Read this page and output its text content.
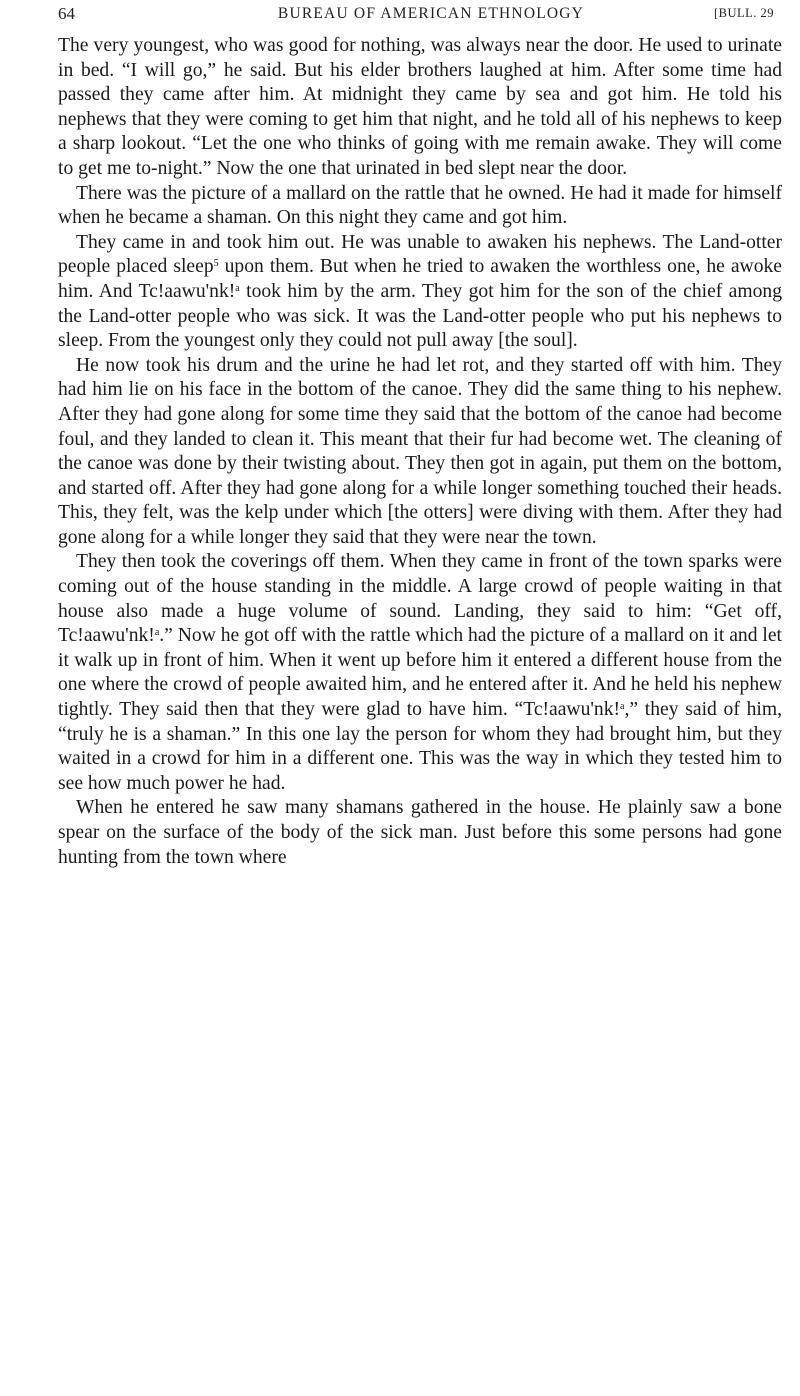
64	BUREAU OF AMERICAN ETHNOLOGY	[BULL. 29

The very youngest, who was good for nothing, was always near the door. He used to urinate in bed. “I will go,” he said. But his elder brothers laughed at him. After some time had passed they came after him. At midnight they came by sea and got him. He told his nephews that they were coming to get him that night, and he told all of his nephews to keep a sharp lookout. “Let the one who thinks of going with me remain awake. They will come to get me to-night.” Now the one that urinated in bed slept near the door.

There was the picture of a mallard on the rattle that he owned. He had it made for himself when he became a shaman. On this night they came and got him.

They came in and took him out. He was unable to awaken his nephews. The Land-otter people placed sleep$^5$ upon them. But when he tried to awaken the worthless one, he awoke him. And Tc!aawu'nk!$^a$ took him by the arm. They got him for the son of the chief among the Land-otter people who was sick. It was the Land-otter people who put his nephews to sleep. From the youngest only they could not pull away [the soul].

He now took his drum and the urine he had let rot, and they started off with him. They had him lie on his face in the bottom of the canoe. They did the same thing to his nephew. After they had gone along for some time they said that the bottom of the canoe had become foul, and they landed to clean it. This meant that their fur had become wet. The cleaning of the canoe was done by their twisting about. They then got in again, put them on the bottom, and started off. After they had gone along for a while longer something touched their heads. This, they felt, was the kelp under which [the otters] were diving with them. After they had gone along for a while longer they said that they were near the town.

They then took the coverings off them. When they came in front of the town sparks were coming out of the house standing in the middle. A large crowd of people waiting in that house also made a huge volume of sound. Landing, they said to him: “Get off, Tc!aawu'nk!$^a$.” Now he got off with the rattle which had the picture of a mallard on it and let it walk up in front of him. When it went up before him it entered a different house from the one where the crowd of people awaited him, and he entered after it. And he held his nephew tightly. They said then that they were glad to have him. “Tc!aawu'nk!$^a$,” they said of him, “truly he is a shaman.” In this one lay the person for whom they had brought him, but they waited in a crowd for him in a different one. This was the way in which they tested him to see how much power he had.

When he entered he saw many shamans gathered in the house. He plainly saw a bone spear on the surface of the body of the sick man. Just before this some persons had gone hunting from the town where
